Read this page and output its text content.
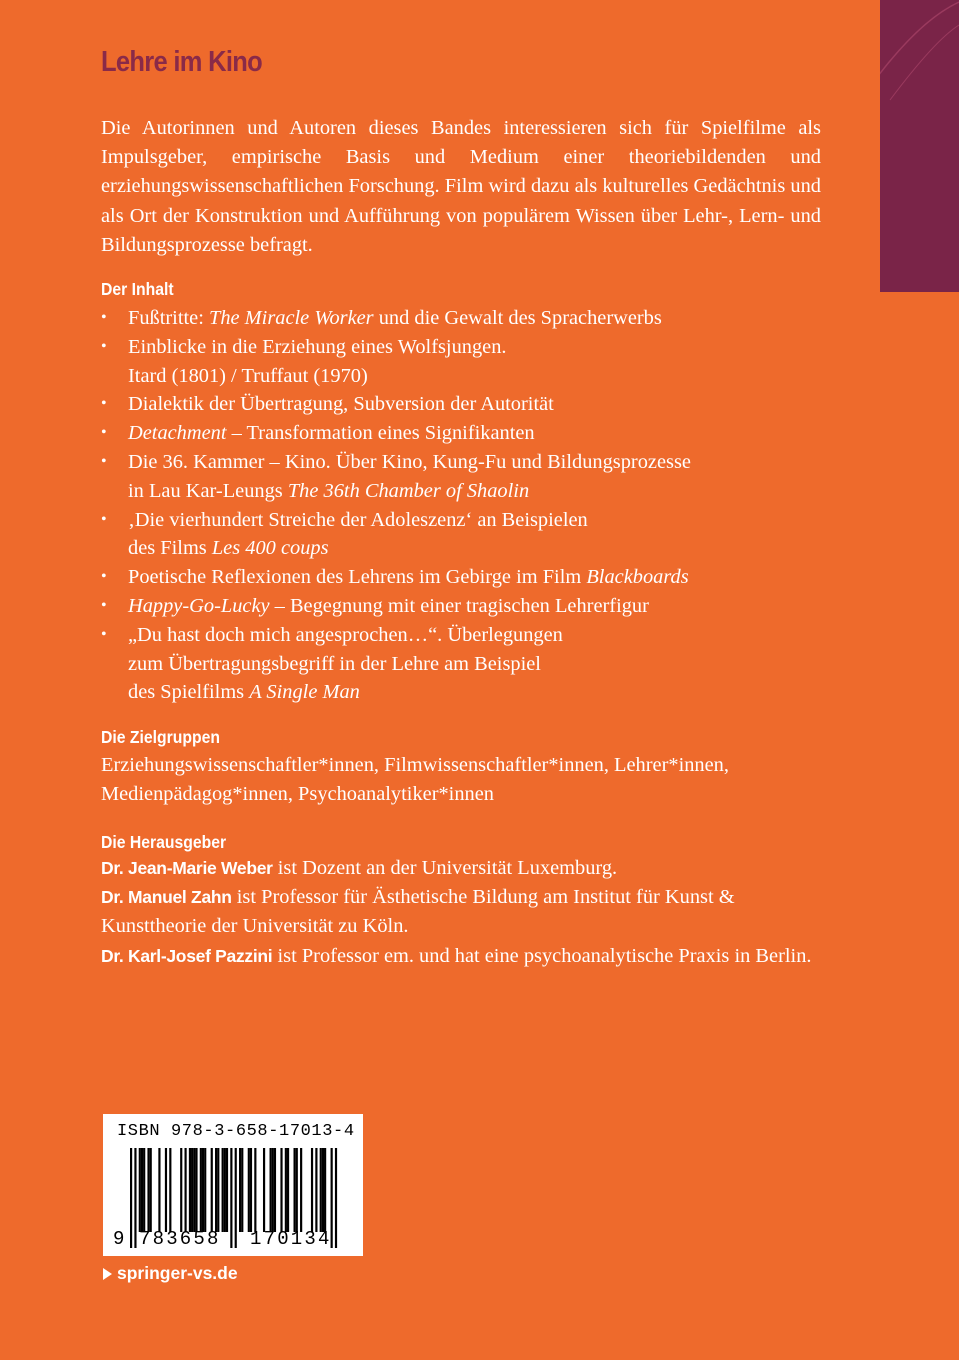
Lehre im Kino

Die Autorinnen und Autoren dieses Bandes interessieren sich für Spielfilme als Impulsgeber, empirische Basis und Medium einer theoriebildenden und erziehungswissenschaftlichen Forschung. Film wird dazu als kulturelles Gedächtnis und als Ort der Konstruktion und Aufführung von populärem Wissen über Lehr-, Lern- und Bildungsprozesse befragt.

Der Inhalt
•	Fußtritte: The Miracle Worker und die Gewalt des Spracherwerbs
•	Einblicke in die Erziehung eines Wolfsjungen.
Itard (1801) / Truffaut (1970)
•	Dialektik der Übertragung, Subversion der Autorität
•	Detachment – Transformation eines Signifikanten
•	Die 36. Kammer – Kino. Über Kino, Kung-Fu und Bildungsprozesse
in Lau Kar-Leungs The 36th Chamber of Shaolin
•	‚Die vierhundert Streiche der Adoleszenz‘ an Beispielen
des Films Les 400 coups
•	Poetische Reflexionen des Lehrens im Gebirge im Film Blackboards
•	Happy-Go-Lucky – Begegnung mit einer tragischen Lehrerfigur
•	„Du hast doch mich angesprochen…“. Überlegungen
zum Übertragungsbegriff in der Lehre am Beispiel
des Spielfilms A Single Man
Die Zielgruppen
Erziehungswissenschaftler*innen, Filmwissenschaftler*innen, Lehrer*innen, Medienpädagog*innen, Psychoanalytiker*innen
Die Herausgeber

Dr. Jean-Marie Weber ist Dozent an der Universität Luxemburg.

Dr. Manuel Zahn ist Professor für Ästhetische Bildung am Institut für Kunst & Kunsttheorie der Universität zu Köln.

Dr. Karl-Josef Pazzini ist Professor em. und hat eine psychoanalytische Praxis in Berlin.

ISBN 978-3-658-17013-4
9 783658 170134
springer-vs.de
